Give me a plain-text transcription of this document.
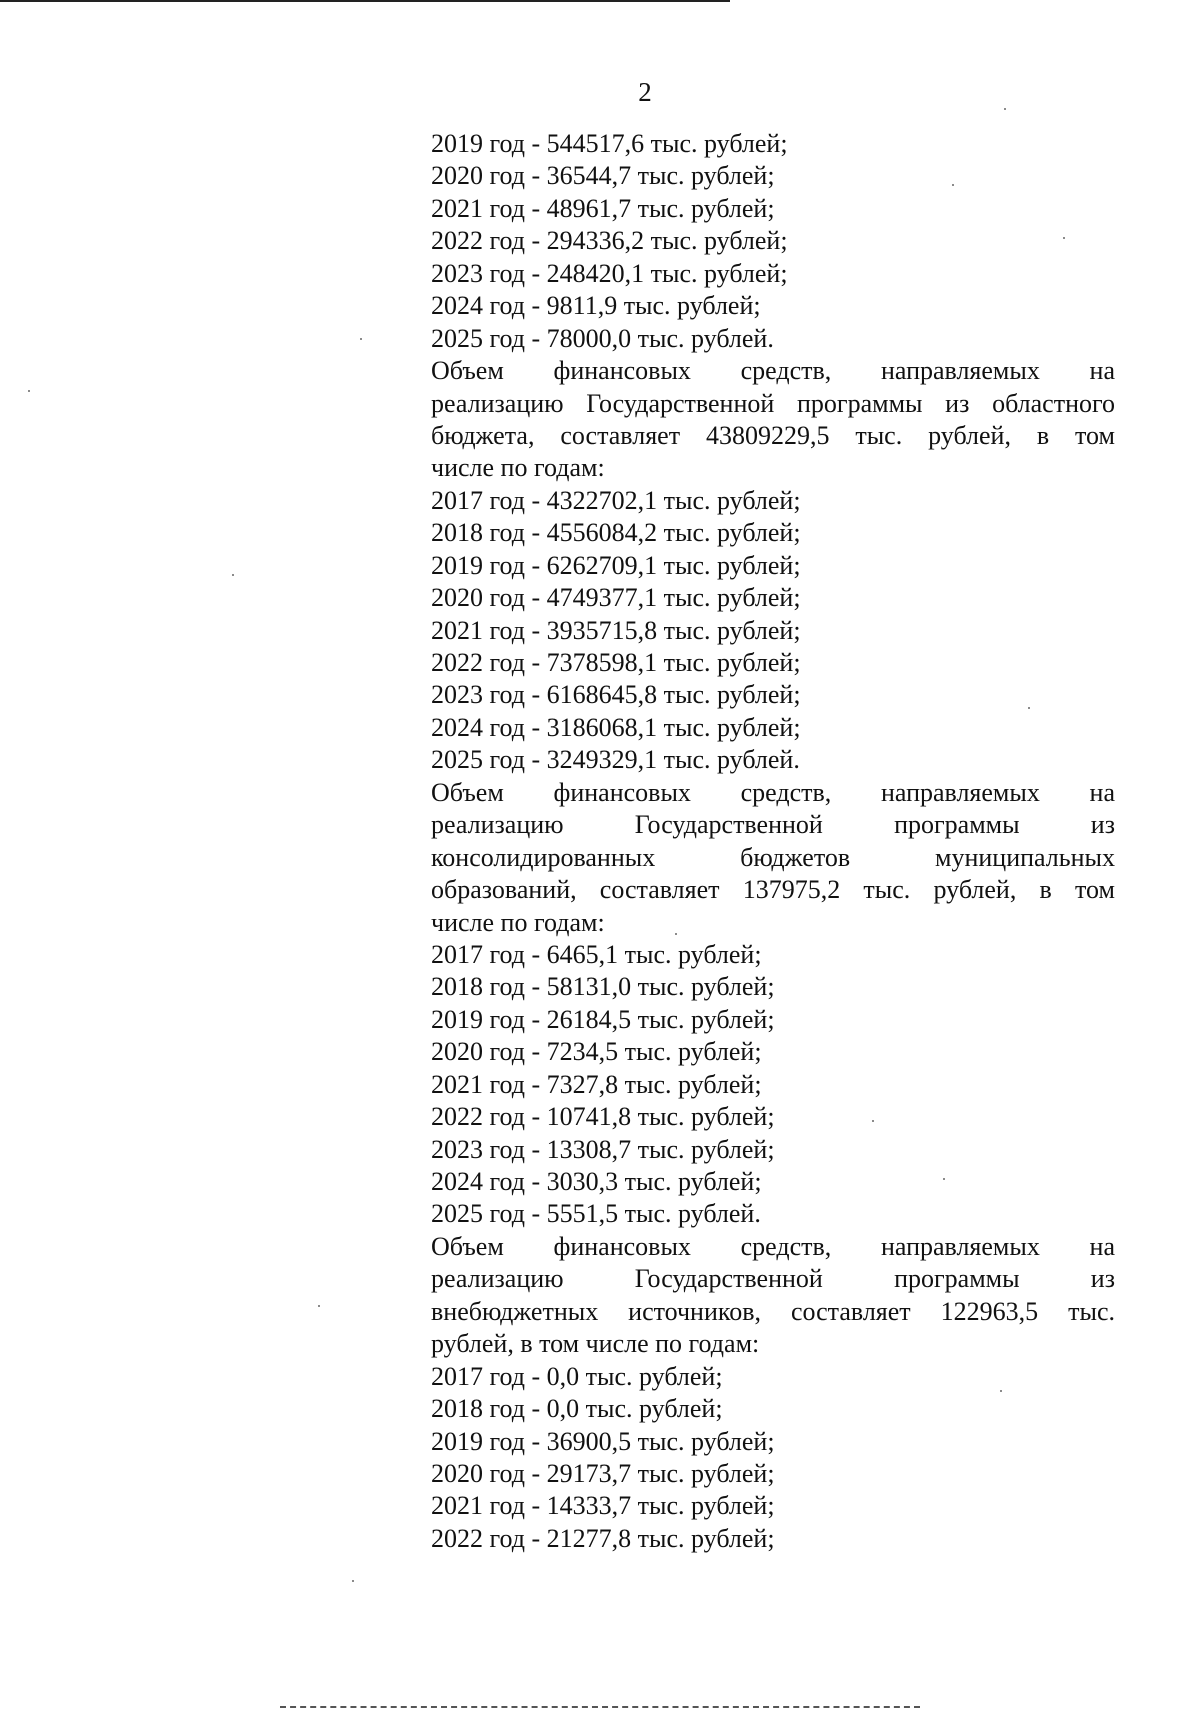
2
2019 год - 544517,6 тыс. рублей;
2020 год - 36544,7 тыс. рублей;
2021 год - 48961,7 тыс. рублей;
2022 год - 294336,2 тыс. рублей;
2023 год - 248420,1 тыс. рублей;
2024 год - 9811,9 тыс. рублей;
2025 год - 78000,0 тыс. рублей.
Объем финансовых средств, направляемых на
реализацию Государственной программы из областного
бюджета, составляет 43809229,5 тыс. рублей, в том
числе по годам:
2017 год - 4322702,1 тыс. рублей;
2018 год - 4556084,2 тыс. рублей;
2019 год - 6262709,1 тыс. рублей;
2020 год - 4749377,1 тыс. рублей;
2021 год - 3935715,8 тыс. рублей;
2022 год - 7378598,1 тыс. рублей;
2023 год - 6168645,8 тыс. рублей;
2024 год - 3186068,1 тыс. рублей;
2025 год - 3249329,1 тыс. рублей.
Объем финансовых средств, направляемых на
реализацию Государственной программы из
консолидированных бюджетов муниципальных
образований, составляет 137975,2 тыс. рублей, в том
числе по годам:
2017 год - 6465,1 тыс. рублей;
2018 год - 58131,0 тыс. рублей;
2019 год - 26184,5 тыс. рублей;
2020 год - 7234,5 тыс. рублей;
2021 год - 7327,8 тыс. рублей;
2022 год - 10741,8 тыс. рублей;
2023 год - 13308,7 тыс. рублей;
2024 год - 3030,3 тыс. рублей;
2025 год - 5551,5 тыс. рублей.
Объем финансовых средств, направляемых на
реализацию Государственной программы из
внебюджетных источников, составляет 122963,5 тыс.
рублей, в том числе по годам:
2017 год - 0,0 тыс. рублей;
2018 год - 0,0 тыс. рублей;
2019 год - 36900,5 тыс. рублей;
2020 год - 29173,7 тыс. рублей;
2021 год - 14333,7 тыс. рублей;
2022 год - 21277,8 тыс. рублей;
